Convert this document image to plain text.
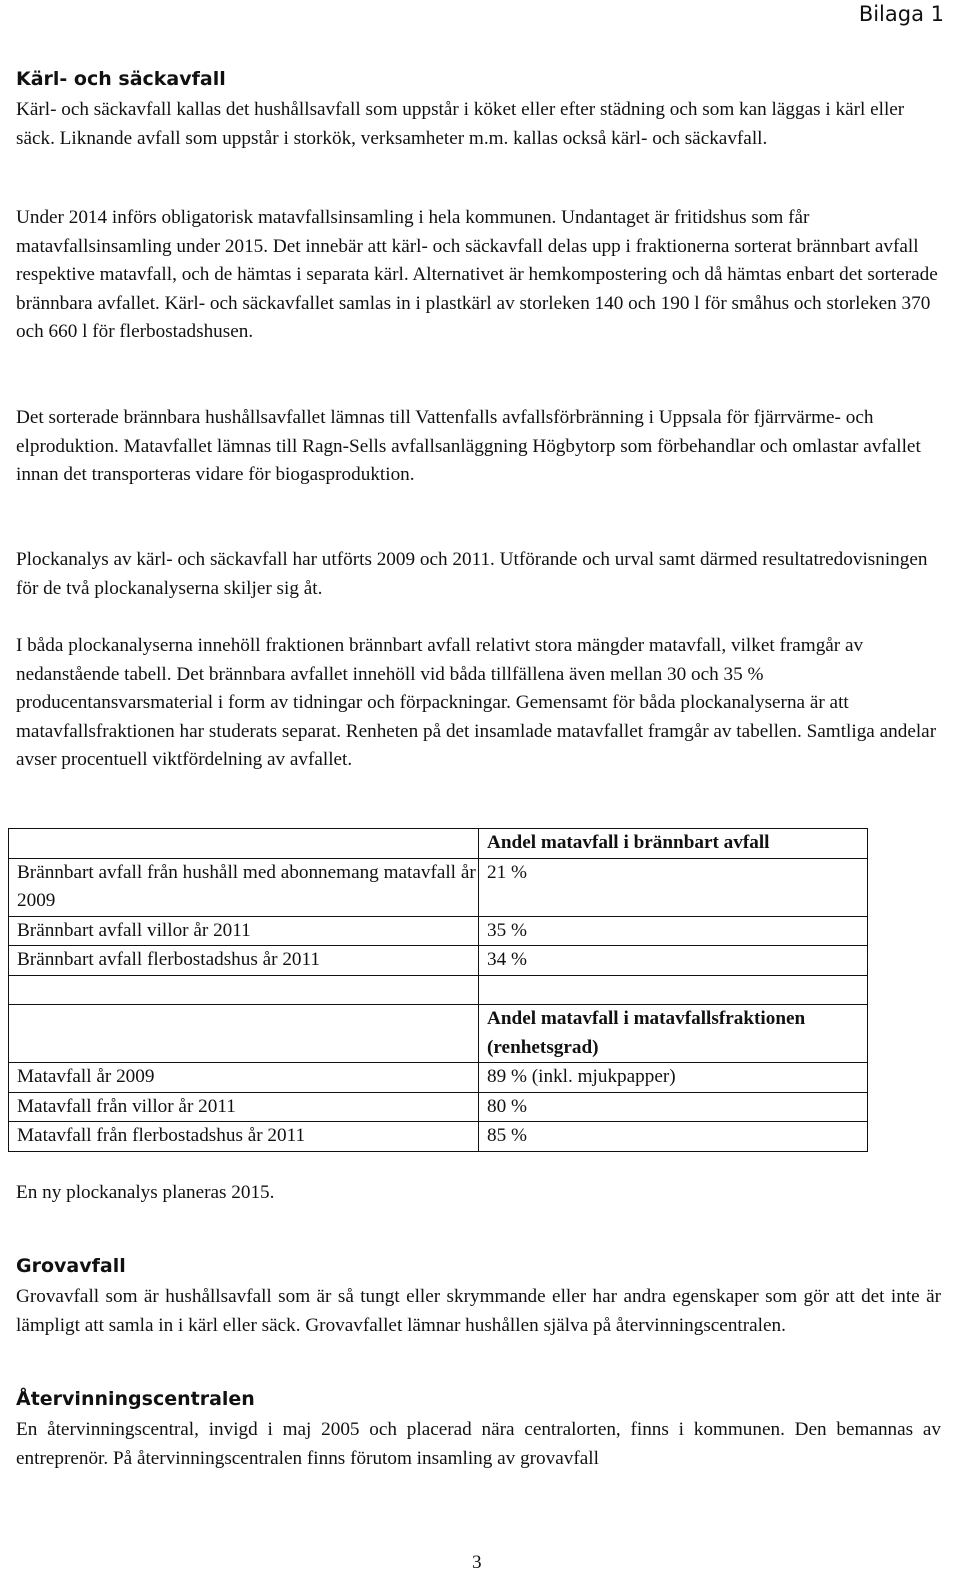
Bilaga 1
Kärl- och säckavfall

Kärl- och säckavfall kallas det hushållsavfall som uppstår i köket eller efter städning och som kan läggas i kärl eller säck. Liknande avfall som uppstår i storkök, verksamheter m.m. kallas också kärl- och säckavfall.

Under 2014 införs obligatorisk matavfallsinsamling i hela kommunen. Undantaget är fritidshus som får matavfallsinsamling under 2015. Det innebär att kärl- och säckavfall delas upp i fraktionerna sorterat brännbart avfall respektive matavfall, och de hämtas i separata kärl. Alternativet är hemkompostering och då hämtas enbart det sorterade brännbara avfallet. Kärl- och säckavfallet samlas in i plastkärl av storleken 140 och 190 l för småhus och storleken 370 och 660 l för flerbostadshusen.

Det sorterade brännbara hushållsavfallet lämnas till Vattenfalls avfallsförbränning i Uppsala för fjärrvärme- och elproduktion. Matavfallet lämnas till Ragn-Sells avfallsanläggning Högbytorp som förbehandlar och omlastar avfallet innan det transporteras vidare för biogasproduktion.

Plockanalys av kärl- och säckavfall har utförts 2009 och 2011. Utförande och urval samt därmed resultatredovisningen för de två plockanalyserna skiljer sig åt.

I båda plockanalyserna innehöll fraktionen brännbart avfall relativt stora mängder matavfall, vilket framgår av nedanstående tabell. Det brännbara avfallet innehöll vid båda tillfällena även mellan 30 och 35 % producentansvarsmaterial i form av tidningar och förpackningar. Gemensamt för båda plockanalyserna är att matavfallsfraktionen har studerats separat. Renheten på det insamlade matavfallet framgår av tabellen. Samtliga andelar avser procentuell viktfördelning av avfallet.

	Andel matavfall i brännbart avfall
Brännbart avfall från hushåll med abonnemang matavfall år 2009	21 %
Brännbart avfall villor år 2011	35 %
Brännbart avfall flerbostadshus år 2011	34 %

	Andel matavfall i matavfallsfraktionen (renhetsgrad)
Matavfall år 2009	89 % (inkl. mjukpapper)
Matavfall från villor år 2011	80 %
Matavfall från flerbostadshus år 2011	85 %

En ny plockanalys planeras 2015.

Grovavfall

Grovavfall som är hushållsavfall som är så tungt eller skrymmande eller har andra egenskaper som gör att det inte är lämpligt att samla in i kärl eller säck. Grovavfallet lämnar hushållen själva på återvinningscentralen.

Återvinningscentralen

En återvinningscentral, invigd i maj 2005 och placerad nära centralorten, finns i kommunen. Den bemannas av entreprenör. På återvinningscentralen finns förutom insamling av grovavfall

3
